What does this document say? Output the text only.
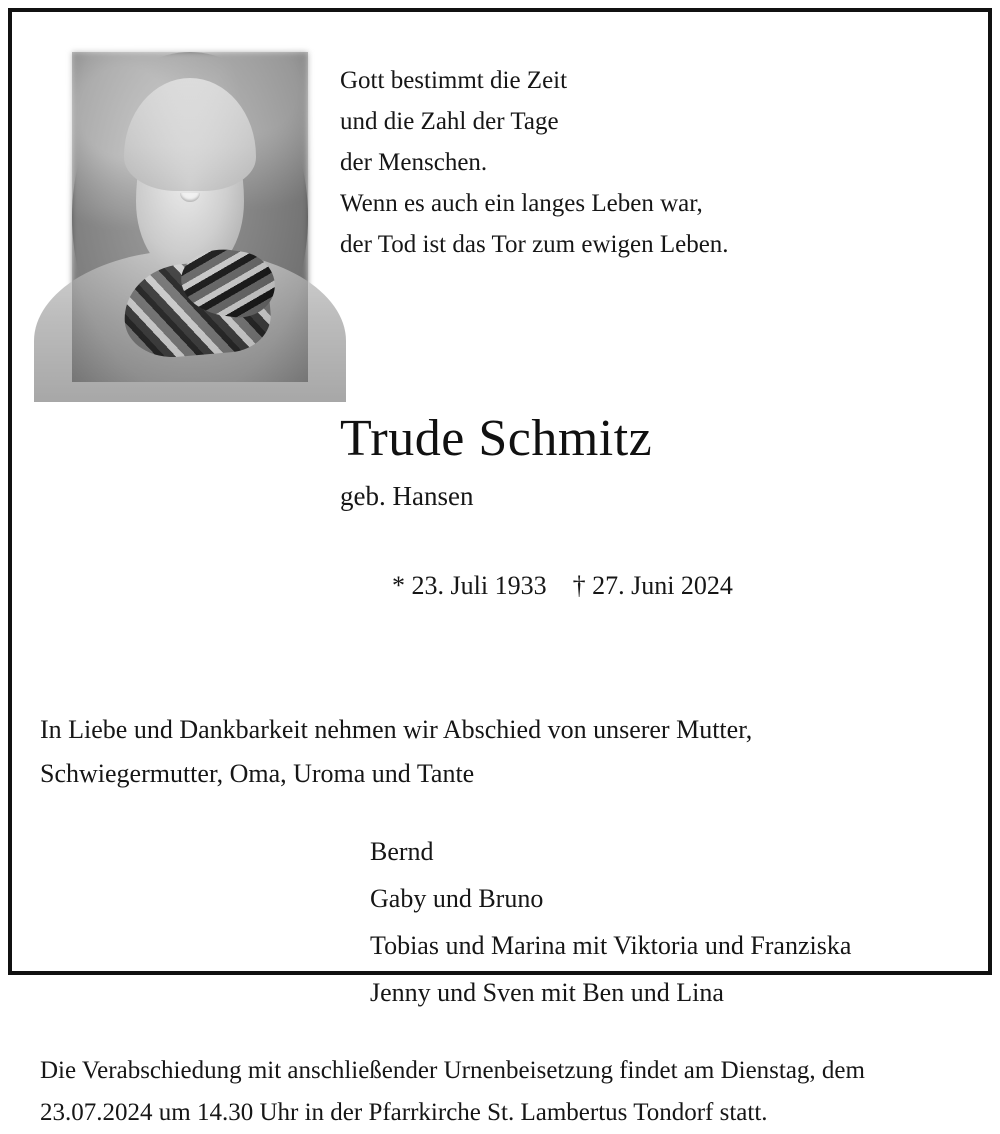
Gott bestimmt die Zeit
und die Zahl der Tage
der Menschen.
Wenn es auch ein langes Leben war,
der Tod ist das Tor zum ewigen Leben.
Trude Schmitz
geb. Hansen

* 23. Juli 1933 † 27. Juni 2024

In Liebe und Dankbarkeit nehmen wir Abschied von unserer Mutter,
Schwiegermutter, Oma, Uroma und Tante
Bernd
Gaby und Bruno
Tobias und Marina mit Viktoria und Franziska
Jenny und Sven mit Ben und Lina
Die Verabschiedung mit anschließender Urnenbeisetzung findet am Dienstag, dem
23.07.2024 um 14.30 Uhr in der Pfarrkirche St. Lambertus Tondorf statt.
